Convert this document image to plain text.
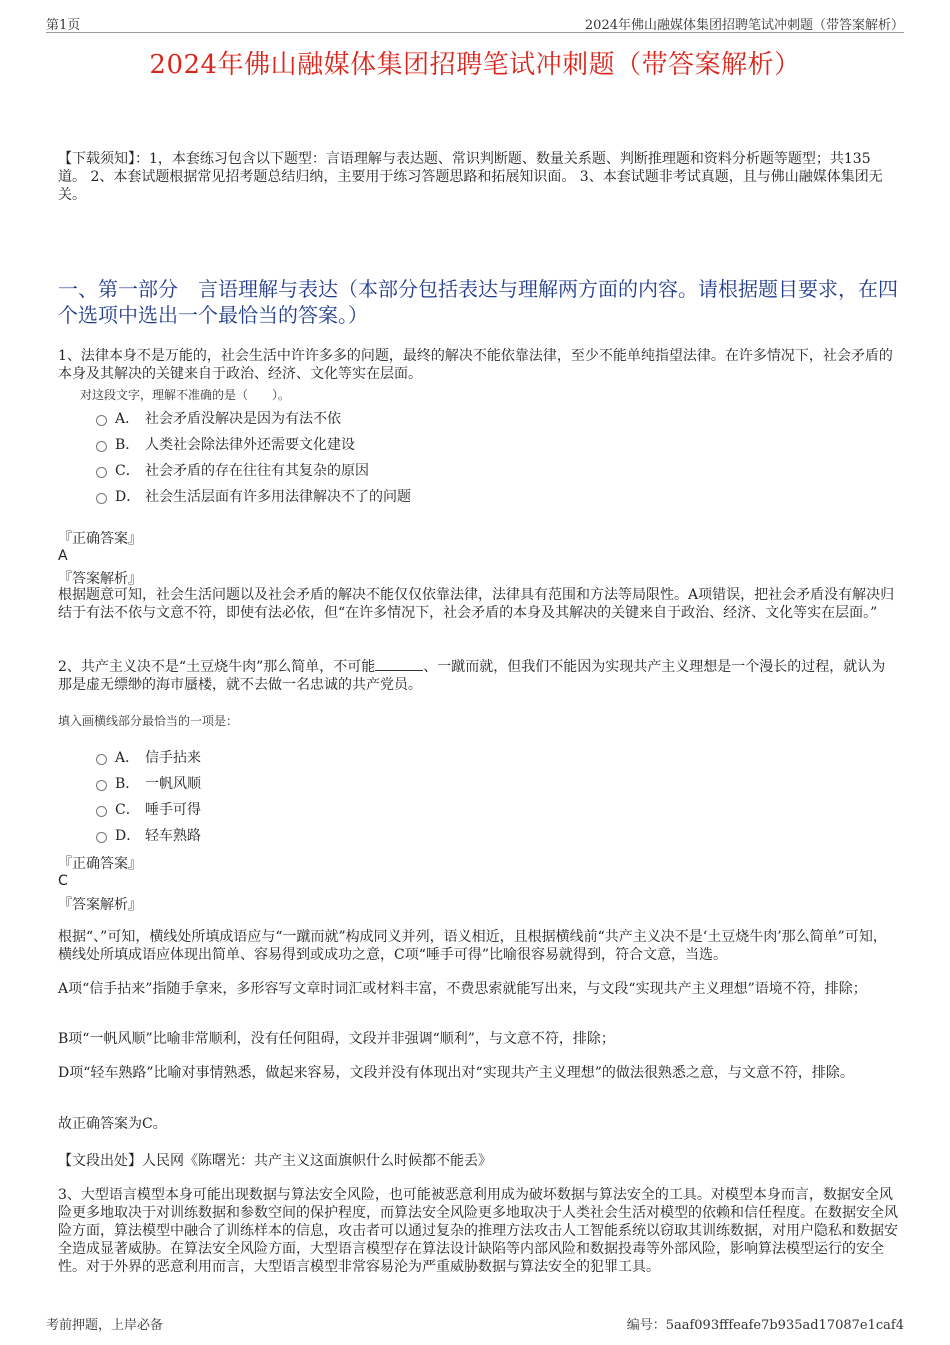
第1页	2024年佛山融媒体集团招聘笔试冲刺题（带答案解析）
2024年佛山融媒体集团招聘笔试冲刺题（带答案解析）
【下载须知】：1，本套练习包含以下题型：言语理解与表达题、常识判断题、数量关系题、判断推理题和资料分析题等题型；共135道。 2、本套试题根据常见招考题总结归纳，主要用于练习答题思路和拓展知识面。 3、本套试题非考试真题，且与佛山融媒体集团无关。
一、第一部分　言语理解与表达（本部分包括表达与理解两方面的内容。请根据题目要求，在四个选项中选出一个最恰当的答案。）
1、法律本身不是万能的，社会生活中许许多多的问题，最终的解决不能依靠法律，至少不能单纯指望法律。在许多情况下，社会矛盾的本身及其解决的关键来自于政治、经济、文化等实在层面。
对这段文字，理解不准确的是（　　）。
A． 社会矛盾没解决是因为有法不依
B． 人类社会除法律外还需要文化建设
C． 社会矛盾的存在往往有其复杂的原因
D． 社会生活层面有许多用法律解决不了的问题
『正确答案』
A
『答案解析』
根据题意可知，社会生活问题以及社会矛盾的解决不能仅仅依靠法律，法律具有范围和方法等局限性。A项错误，把社会矛盾没有解决归结于有法不依与文意不符，即使有法必依，但“在许多情况下，社会矛盾的本身及其解决的关键来自于政治、经济、文化等实在层面。”
2、共产主义决不是“土豆烧牛肉”那么简单，不可能	、一蹴而就，但我们不能因为实现共产主义理想是一个漫长的过程，就认为那是虚无缥缈的海市蜃楼，就不去做一名忠诚的共产党员。
填入画横线部分最恰当的一项是：
A． 信手拈来
B． 一帆风顺
C． 唾手可得
D． 轻车熟路
『正确答案』
C
『答案解析』
根据“、”可知，横线处所填成语应与“一蹴而就”构成同义并列，语义相近，且根据横线前“共产主义决不是‘土豆烧牛肉’那么简单”可知，横线处所填成语应体现出简单、容易得到或成功之意，C项“唾手可得”比喻很容易就得到，符合文意，当选。
A项“信手拈来”指随手拿来，多形容写文章时词汇或材料丰富，不费思索就能写出来，与文段“实现共产主义理想”语境不符，排除；
B项“一帆风顺”比喻非常顺利，没有任何阻碍，文段并非强调“顺利”，与文意不符，排除；
D项“轻车熟路”比喻对事情熟悉，做起来容易，文段并没有体现出对“实现共产主义理想”的做法很熟悉之意，与文意不符，排除。
故正确答案为C。
【文段出处】人民网《陈曙光：共产主义这面旗帜什么时候都不能丢》
3、大型语言模型本身可能出现数据与算法安全风险，也可能被恶意利用成为破坏数据与算法安全的工具。对模型本身而言，数据安全风险更多地取决于对训练数据和参数空间的保护程度，而算法安全风险更多地取决于人类社会生活对模型的依赖和信任程度。在数据安全风险方面，算法模型中融合了训练样本的信息，攻击者可以通过复杂的推理方法攻击人工智能系统以窃取其训练数据，对用户隐私和数据安全造成显著威胁。在算法安全风险方面，大型语言模型存在算法设计缺陷等内部风险和数据投毒等外部风险，影响算法模型运行的安全性。对于外界的恶意利用而言，大型语言模型非常容易沦为严重威胁数据与算法安全的犯罪工具。
考前押题，上岸必备	编号：5aaf093fffeafe7b935ad17087e1caf4
